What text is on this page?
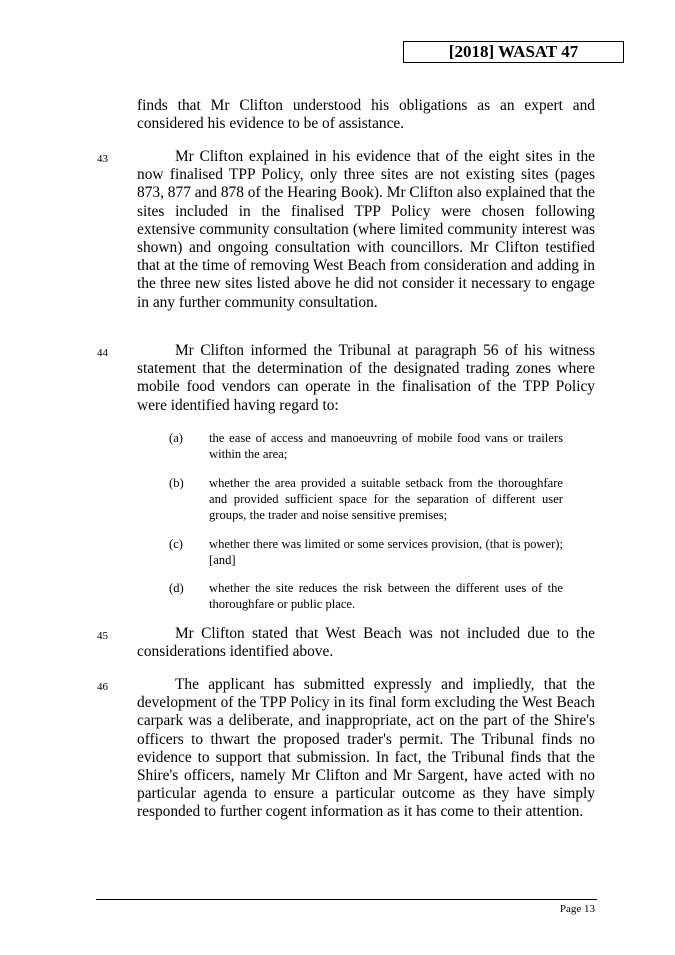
[2018] WASAT 47

finds that Mr Clifton understood his obligations as an expert and considered his evidence to be of assistance.

43	Mr Clifton explained in his evidence that of the eight sites in the now finalised TPP Policy, only three sites are not existing sites (pages 873, 877 and 878 of the Hearing Book). Mr Clifton also explained that the sites included in the finalised TPP Policy were chosen following extensive community consultation (where limited community interest was shown) and ongoing consultation with councillors. Mr Clifton testified that at the time of removing West Beach from consideration and adding in the three new sites listed above he did not consider it necessary to engage in any further community consultation.

44	Mr Clifton informed the Tribunal at paragraph 56 of his witness statement that the determination of the designated trading zones where mobile food vendors can operate in the finalisation of the TPP Policy were identified having regard to:

(a) the ease of access and manoeuvring of mobile food vans or trailers within the area;
(b) whether the area provided a suitable setback from the thoroughfare and provided sufficient space for the separation of different user groups, the trader and noise sensitive premises;
(c) whether there was limited or some services provision, (that is power); [and]
(d) whether the site reduces the risk between the different uses of the thoroughfare or public place.
45	Mr Clifton stated that West Beach was not included due to the considerations identified above.

46	The applicant has submitted expressly and impliedly, that the development of the TPP Policy in its final form excluding the West Beach carpark was a deliberate, and inappropriate, act on the part of the Shire's officers to thwart the proposed trader's permit. The Tribunal finds no evidence to support that submission. In fact, the Tribunal finds that the Shire's officers, namely Mr Clifton and Mr Sargent, have acted with no particular agenda to ensure a particular outcome as they have simply responded to further cogent information as it has come to their attention.

Page 13
